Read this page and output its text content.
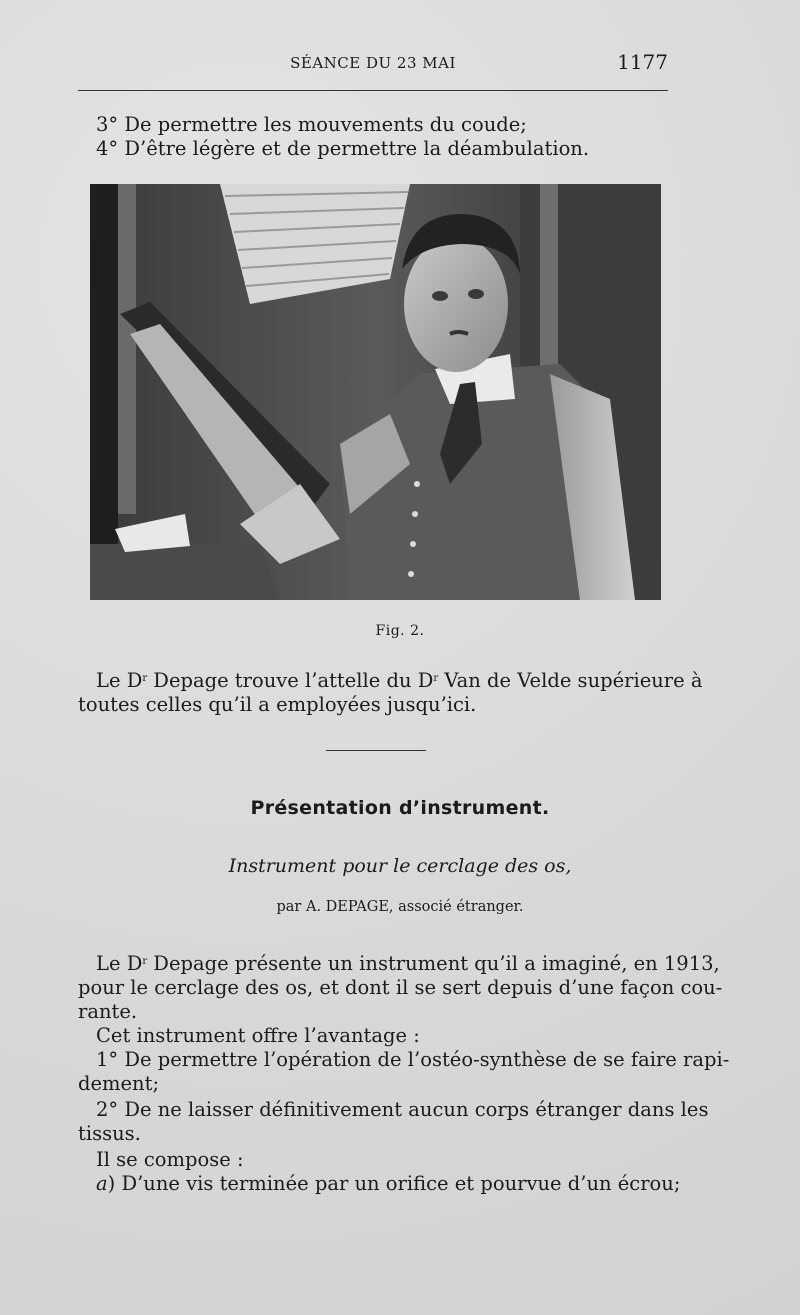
SÉANCE DU 23 MAI	1177
3° De permettre les mouvements du coude;
4° D’être légère et de permettre la déambulation.
Fig. 2.
Le $D^r$ Depage trouve l’attelle du $D^r$ Van de Velde supérieure à
toutes celles qu’il a employées jusqu’ici.
Présentation d’instrument.
Instrument pour le cerclage des os,
par A. DEPAGE, associé étranger.
Le $D^r$ Depage présente un instrument qu’il a imaginé, en 1913,
pour le cerclage des os, et dont il se sert depuis d’une façon cou-
rante.
Cet instrument offre l’avantage :
1° De permettre l’opération de l’ostéo-synthèse de se faire rapi-
dement;
2° De ne laisser définitivement aucun corps étranger dans les
tissus.
Il se compose :
a) D’une vis terminée par un orifice et pourvue d’un écrou;
